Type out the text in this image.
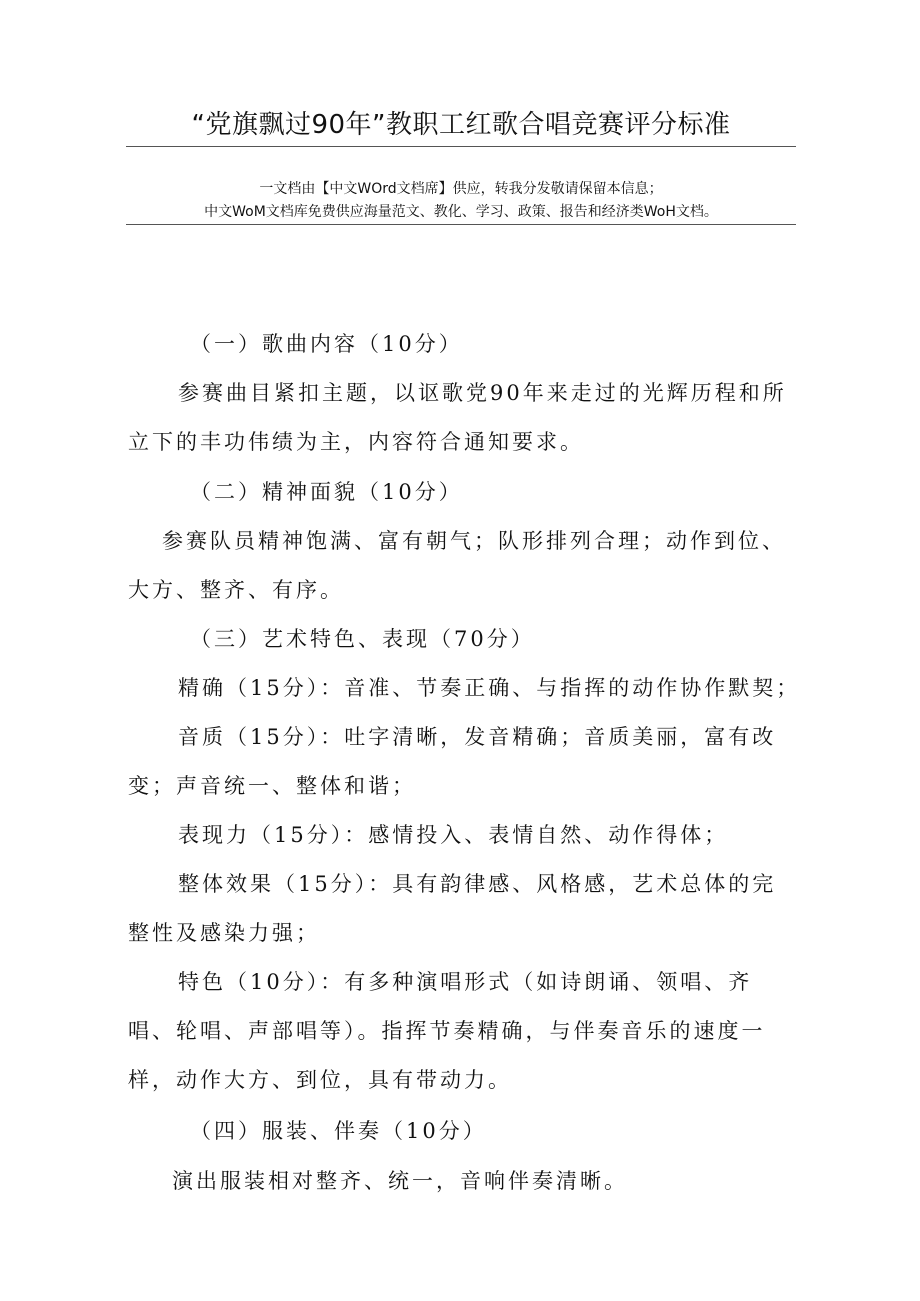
“党旗飘过90年”教职工红歌合唱竞赛评分标准
一文档由【中文WOrd文档席】供应，转我分发敬请保留本信息；
中文WoM文档库免费供应海量范文、教化、学习、政策、报告和经济类WoH文档。
（一）歌曲内容（10分）
参赛曲目紧扣主题，以讴歌党90年来走过的光辉历程和所
立下的丰功伟绩为主，内容符合通知要求。
（二）精神面貌（10分）
参赛队员精神饱满、富有朝气；队形排列合理；动作到位、
大方、整齐、有序。
（三）艺术特色、表现（70分）
精确（15分）：音准、节奏正确、与指挥的动作协作默契；
音质（15分）：吐字清晰，发音精确；音质美丽，富有改
变；声音统一、整体和谐；
表现力（15分）：感情投入、表情自然、动作得体；
整体效果（15分）：具有韵律感、风格感，艺术总体的完
整性及感染力强；
特色（10分）：有多种演唱形式（如诗朗诵、领唱、齐
唱、轮唱、声部唱等）。指挥节奏精确，与伴奏音乐的速度一
样，动作大方、到位，具有带动力。
（四）服装、伴奏（10分）
演出服装相对整齐、统一，音响伴奏清晰。
